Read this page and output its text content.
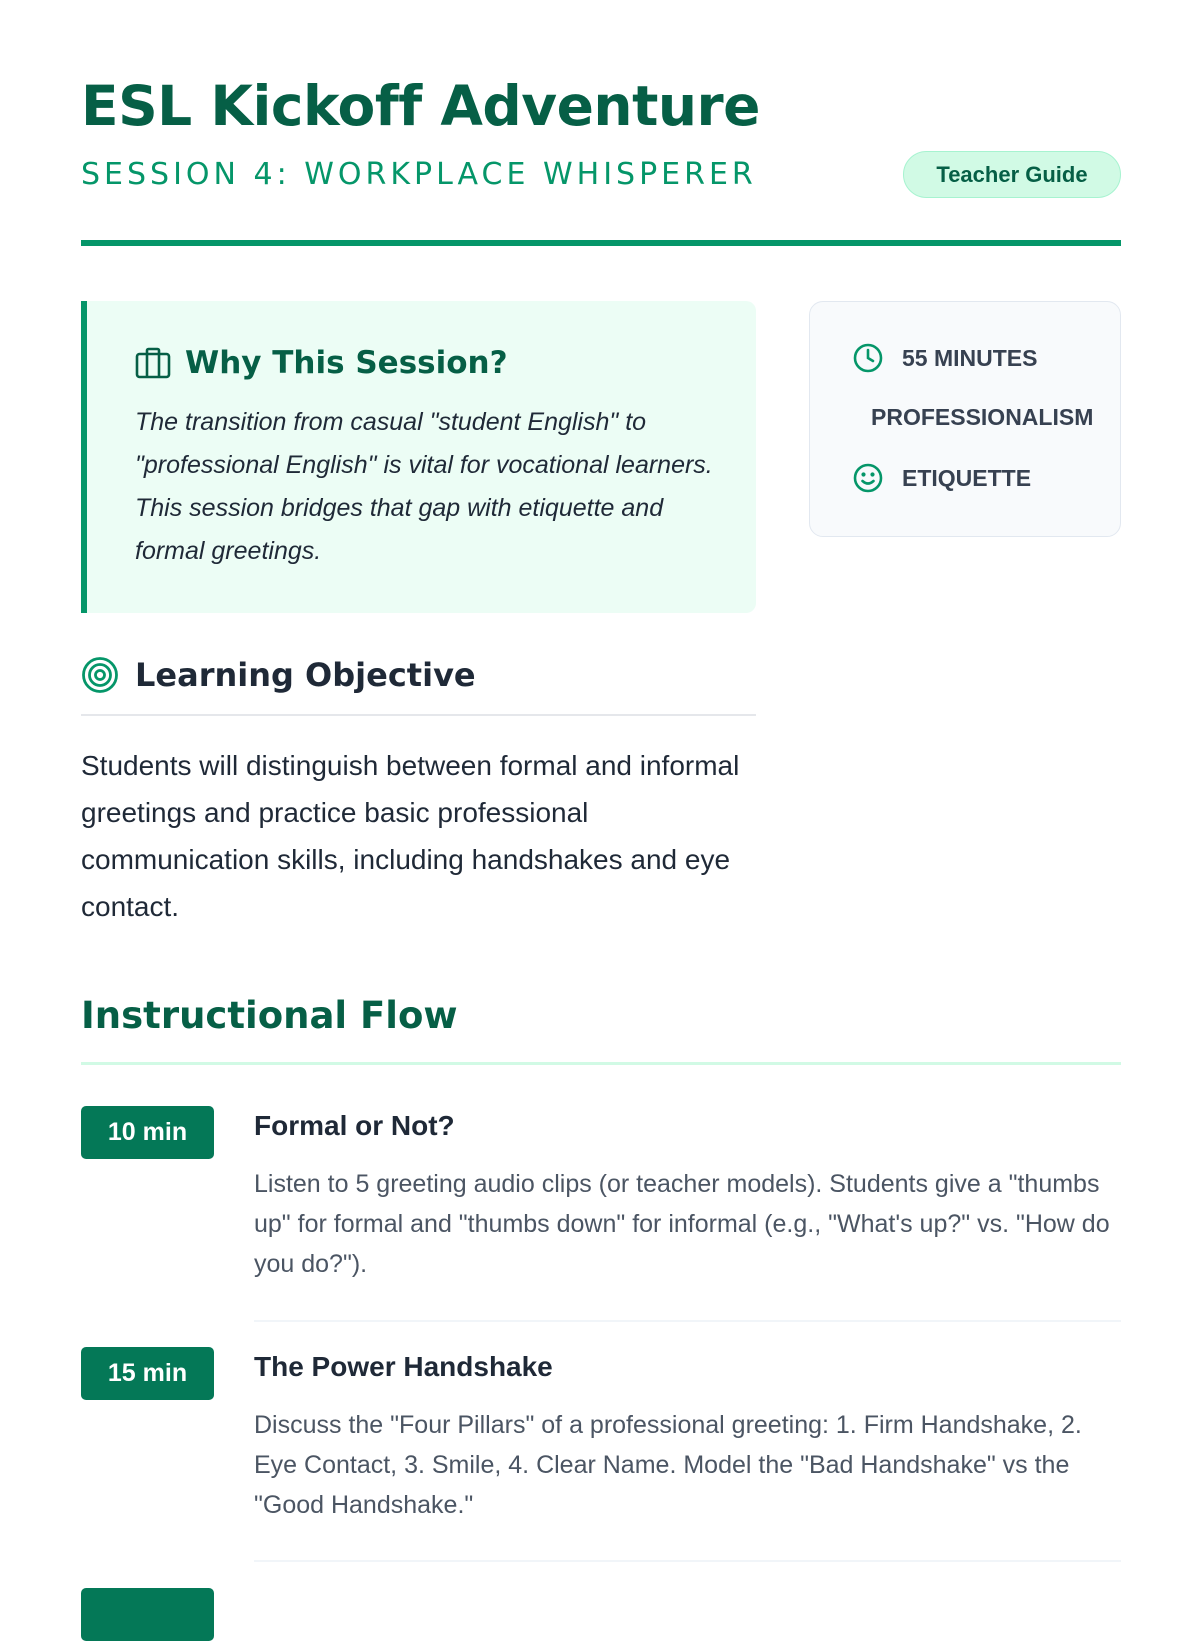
ESL Kickoff Adventure
SESSION 4: WORKPLACE WHISPERER	Teacher Guide
Why This Session?

The transition from casual "student English" to "professional English" is vital for vocational learners. This session bridges that gap with etiquette and formal greetings.

55 MINUTES
PROFESSIONALISM
ETIQUETTE
Learning Objective

Students will distinguish between formal and informal greetings and practice basic professional communication skills, including handshakes and eye contact.

Instructional Flow
10 min	Formal or Not?

Listen to 5 greeting audio clips (or teacher models). Students give a "thumbs up" for formal and "thumbs down" for informal (e.g., "What's up?" vs. "How do you do?").

15 min	The Power Handshake

Discuss the "Four Pillars" of a professional greeting: 1. Firm Handshake, 2. Eye Contact, 3. Smile, 4. Clear Name. Model the "Bad Handshake" vs the "Good Handshake."
